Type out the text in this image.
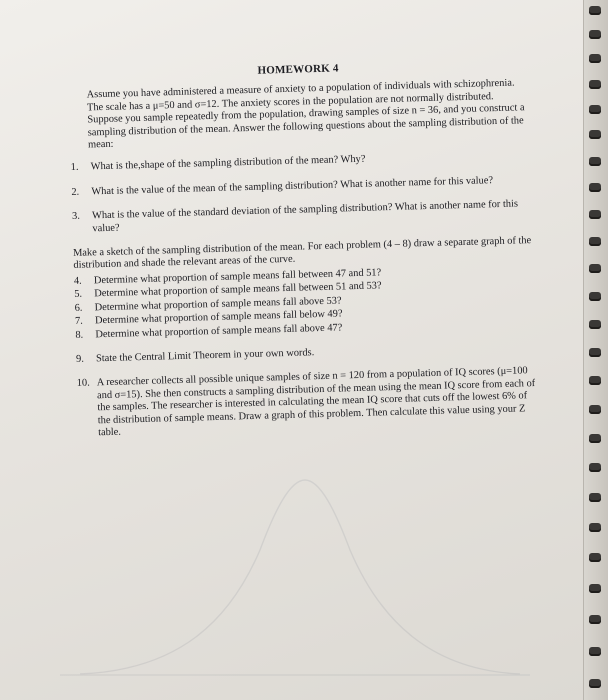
HOMEWORK 4
Assume you have administered a measure of anxiety to a population of individuals with schizophrenia. The scale has a μ=50 and σ=12. The anxiety scores in the population are not normally distributed. Suppose you sample repeatedly from the population, drawing samples of size n = 36, and you construct a sampling distribution of the mean. Answer the following questions about the sampling distribution of the mean:
1.	What is the,shape of the sampling distribution of the mean? Why?
2.	What is the value of the mean of the sampling distribution? What is another name for this value?
3.	What is the value of the standard deviation of the sampling distribution? What is another name for this value?
Make a sketch of the sampling distribution of the mean. For each problem (4 – 8) draw a separate graph of the distribution and shade the relevant areas of the curve.
4.	Determine what proportion of sample means fall between 47 and 51?
5.	Determine what proportion of sample means fall between 51 and 53?
6.	Determine what proportion of sample means fall above 53?
7.	Determine what proportion of sample means fall below 49?
8.	Determine what proportion of sample means fall above 47?
9.	State the Central Limit Theorem in your own words.
10. A researcher collects all possible unique samples of size n = 120 from a population of IQ scores (μ=100 and σ=15). She then constructs a sampling distribution of the mean using the mean IQ score from each of the samples. The researcher is interested in calculating the mean IQ score that cuts off the lowest 6% of the distribution of sample means. Draw a graph of this problem. Then calculate this value using your Z table.
